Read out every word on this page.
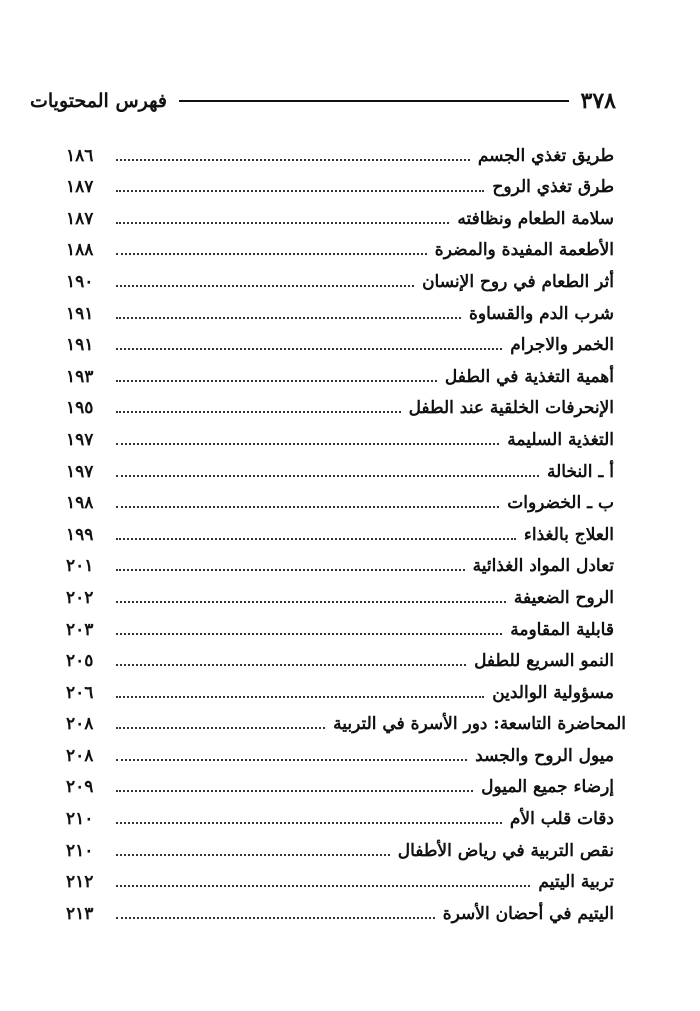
٣٧٨
فهرس المحتويات
طريق تغذي الجسم
١٨٦
طرق تغذي الروح
١٨٧
سلامة الطعام ونظافته
١٨٧
الأطعمة المفيدة والمضرة
١٨٨
أثر الطعام في روح الإنسان
١٩٠
شرب الدم والقساوة
١٩١
الخمر والاجرام
١٩١
أهمية التغذية في الطفل
١٩٣
الإنحرفات الخلقية عند الطفل
١٩٥
التغذية السليمة
١٩٧
أ ـ النخالة
١٩٧
ب ـ الخضروات
١٩٨
العلاج بالغذاء
١٩٩
تعادل المواد الغذائية
٢٠١
الروح الضعيفة
٢٠٢
قابلية المقاومة
٢٠٣
النمو السريع للطفل
٢٠٥
مسؤولية الوالدين
٢٠٦
المحاضرة التاسعة: دور الأسرة في التربية
٢٠٨
ميول الروح والجسد
٢٠٨
إرضاء جميع الميول
٢٠٩
دقات قلب الأم
٢١٠
نقص التربية في رياض الأطفال
٢١٠
تربية اليتيم
٢١٢
اليتيم في أحضان الأسرة
٢١٣
